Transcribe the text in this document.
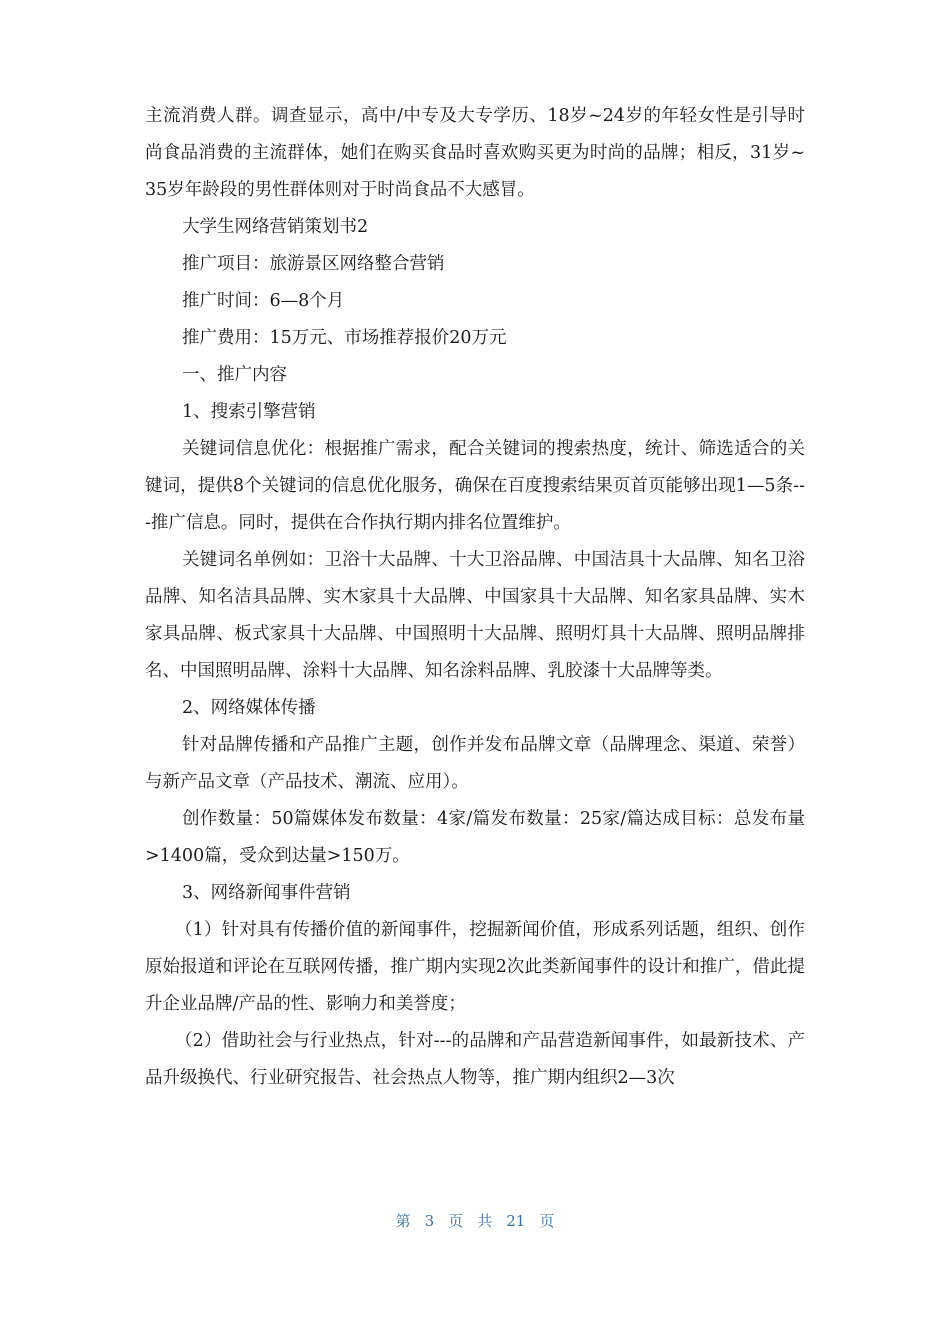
主流消费人群。调查显示，高中/中专及大专学历、18岁~24岁的年轻女性是引导时尚食品消费的主流群体，她们在购买食品时喜欢购买更为时尚的品牌；相反，31岁~35岁年龄段的男性群体则对于时尚食品不大感冒。

大学生网络营销策划书2

推广项目：旅游景区网络整合营销

推广时间：6—8个月

推广费用：15万元、市场推荐报价20万元

一、推广内容

1、搜索引擎营销

关键词信息优化：根据推广需求，配合关键词的搜索热度，统计、筛选适合的关键词，提供8个关键词的信息优化服务，确保在百度搜索结果页首页能够出现1—5条---推广信息。同时，提供在合作执行期内排名位置维护。

关键词名单例如：卫浴十大品牌、十大卫浴品牌、中国洁具十大品牌、知名卫浴品牌、知名洁具品牌、实木家具十大品牌、中国家具十大品牌、知名家具品牌、实木家具品牌、板式家具十大品牌、中国照明十大品牌、照明灯具十大品牌、照明品牌排名、中国照明品牌、涂料十大品牌、知名涂料品牌、乳胶漆十大品牌等类。

2、网络媒体传播

针对品牌传播和产品推广主题，创作并发布品牌文章（品牌理念、渠道、荣誉）与新产品文章（产品技术、潮流、应用）。

创作数量：50篇媒体发布数量：4家/篇发布数量：25家/篇达成目标：总发布量>1400篇，受众到达量>150万。

3、网络新闻事件营销

（1）针对具有传播价值的新闻事件，挖掘新闻价值，形成系列话题，组织、创作原始报道和评论在互联网传播，推广期内实现2次此类新闻事件的设计和推广，借此提升企业品牌/产品的性、影响力和美誉度；

（2）借助社会与行业热点，针对---的品牌和产品营造新闻事件，如最新技术、产品升级换代、行业研究报告、社会热点人物等，推广期内组织2—3次

第 3 页 共 21 页
